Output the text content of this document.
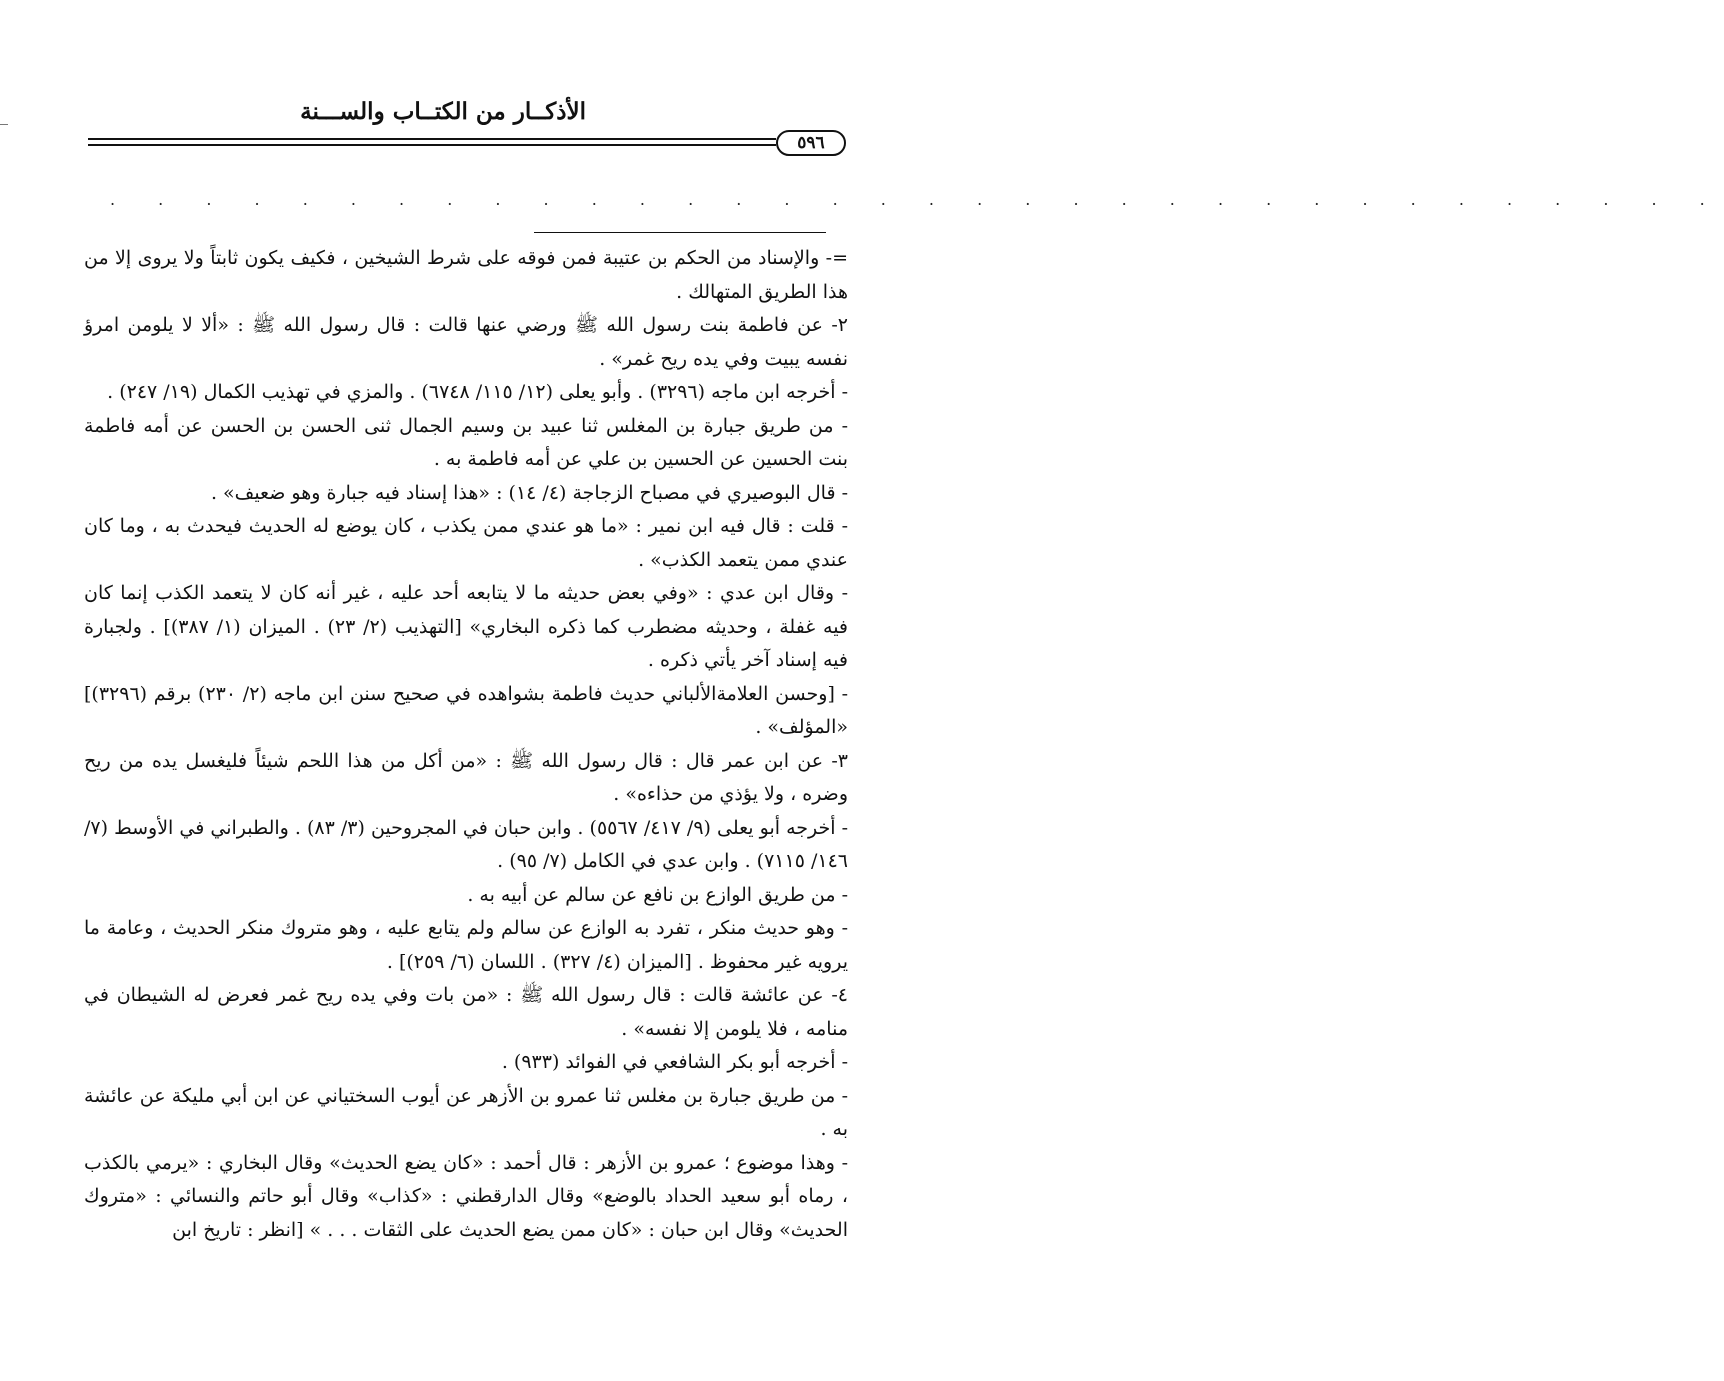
الأذكــار من الكتــاب والســـنة
٥٩٦
. . . . . . . . . . . . . . . . . . . . . . . . . . . . . . . . . .

=- والإسناد من الحكم بن عتيبة فمن فوقه على شرط الشيخين ، فكيف يكون ثابتاً ولا يروى إلا من هذا الطريق المتهالك .

٢- عن فاطمة بنت رسول الله ﷺ ورضي عنها قالت : قال رسول الله ﷺ : «ألا لا يلومن امرؤ نفسه يبيت وفي يده ريح غمر» .

- أخرجه ابن ماجه (٣٢٩٦) . وأبو يعلى (١٢/ ١١٥/ ٦٧٤٨) . والمزي في تهذيب الكمال (١٩/ ٢٤٧) .

- من طريق جبارة بن المغلس ثنا عبيد بن وسيم الجمال ثنى الحسن بن الحسن عن أمه فاطمة بنت الحسين عن الحسين بن علي عن أمه فاطمة به .

- قال البوصيري في مصباح الزجاجة (٤/ ١٤) : «هذا إسناد فيه جبارة وهو ضعيف» .

- قلت : قال فيه ابن نمير : «ما هو عندي ممن يكذب ، كان يوضع له الحديث فيحدث به ، وما كان عندي ممن يتعمد الكذب» .

- وقال ابن عدي : «وفي بعض حديثه ما لا يتابعه أحد عليه ، غير أنه كان لا يتعمد الكذب إنما كان فيه غفلة ، وحديثه مضطرب كما ذكره البخاري» [التهذيب (٢/ ٢٣) . الميزان (١/ ٣٨٧)] . ولجبارة فيه إسناد آخر يأتي ذكره .

- [وحسن العلامةالألباني حديث فاطمة بشواهده في صحيح سنن ابن ماجه (٢/ ٢٣٠) برقم (٣٢٩٦)] «المؤلف» .

٣- عن ابن عمر قال : قال رسول الله ﷺ : «من أكل من هذا اللحم شيئاً فليغسل يده من ريح وضره ، ولا يؤذي من حذاءه» .

- أخرجه أبو يعلى (٩/ ٤١٧/ ٥٥٦٧) . وابن حبان في المجروحين (٣/ ٨٣) . والطبراني في الأوسط (٧/ ١٤٦/ ٧١١٥) . وابن عدي في الكامل (٧/ ٩٥) .

- من طريق الوازع بن نافع عن سالم عن أبيه به .

- وهو حديث منكر ، تفرد به الوازع عن سالم ولم يتابع عليه ، وهو متروك منكر الحديث ، وعامة ما يرويه غير محفوظ . [الميزان (٤/ ٣٢٧) . اللسان (٦/ ٢٥٩)] .

٤- عن عائشة قالت : قال رسول الله ﷺ : «من بات وفي يده ريح غمر فعرض له الشيطان في منامه ، فلا يلومن إلا نفسه» .

- أخرجه أبو بكر الشافعي في الفوائد (٩٣٣) .

- من طريق جبارة بن مغلس ثنا عمرو بن الأزهر عن أيوب السختياني عن ابن أبي مليكة عن عائشة به .

- وهذا موضوع ؛ عمرو بن الأزهر : قال أحمد : «كان يضع الحديث» وقال البخاري : «يرمي بالكذب ، رماه أبو سعيد الحداد بالوضع» وقال الدارقطني : «كذاب» وقال أبو حاتم والنسائي : «متروك الحديث» وقال ابن حبان : «كان ممن يضع الحديث على الثقات . . . » [انظر : تاريخ ابن
